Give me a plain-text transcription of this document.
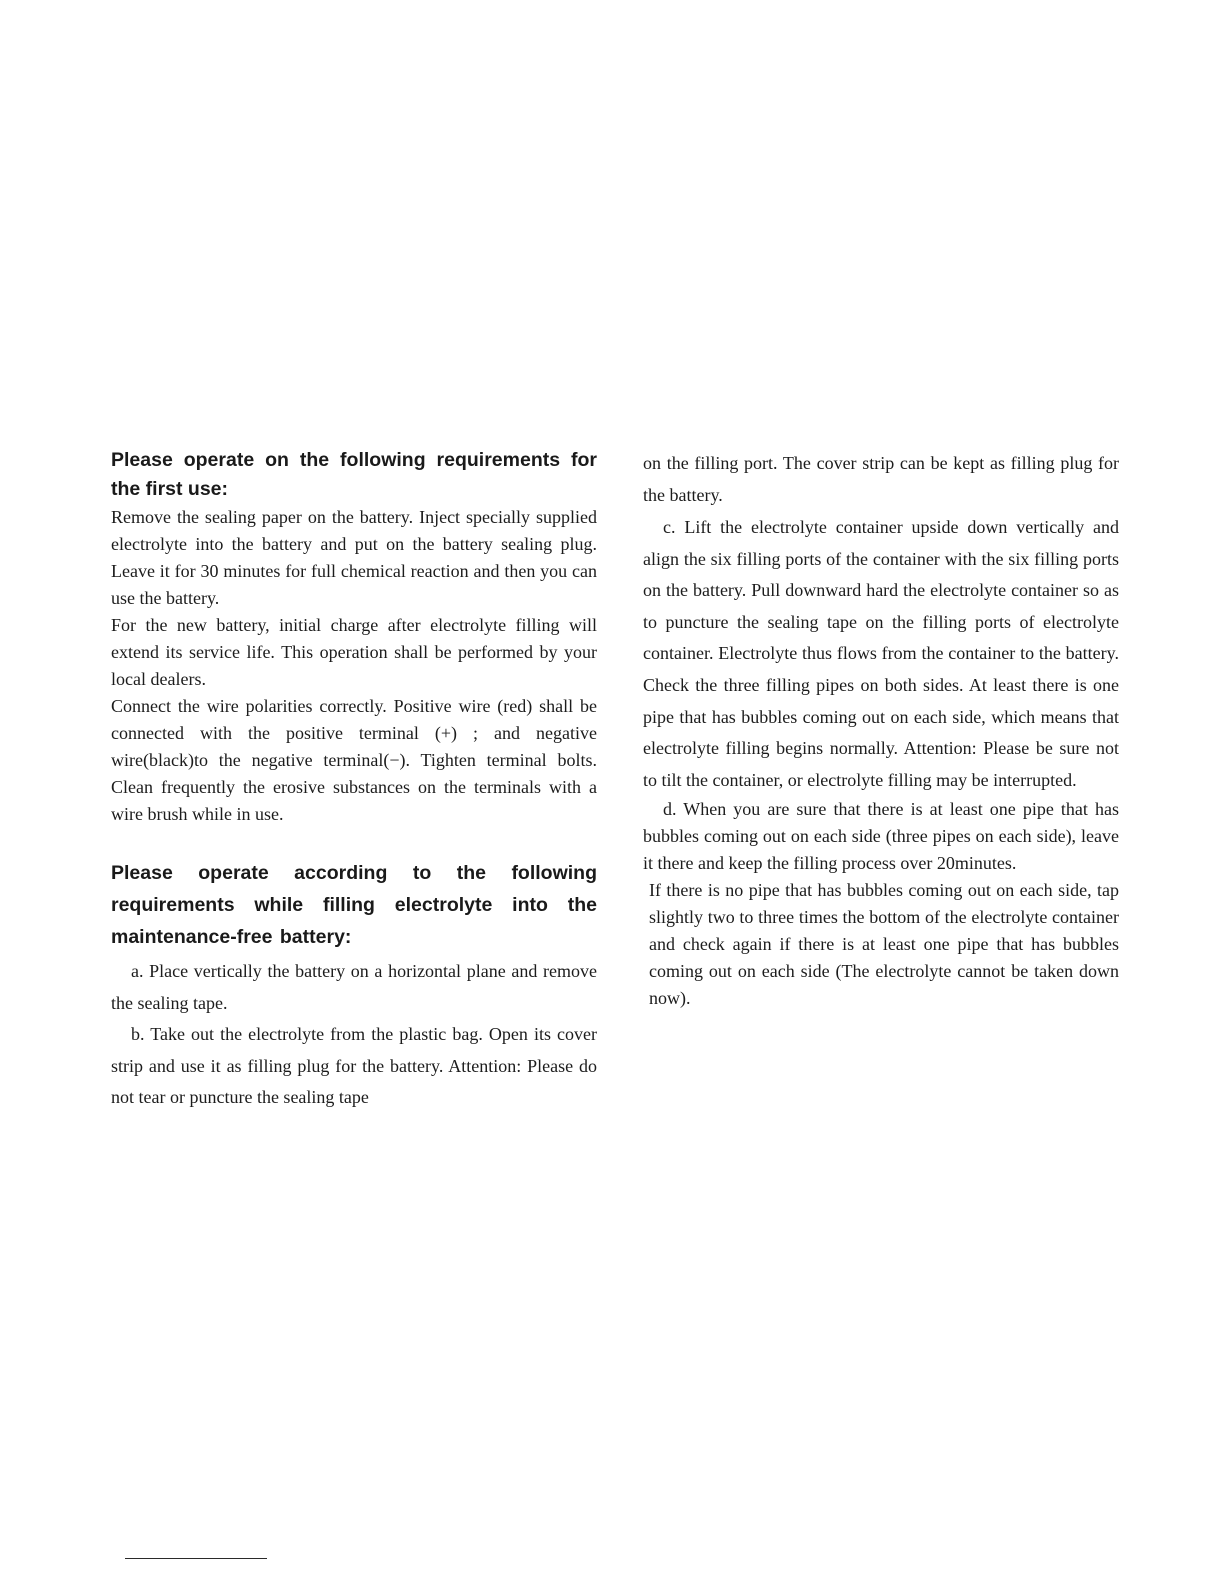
Please operate on the following requirements for the first use:

Remove the sealing paper on the battery. Inject specially supplied electrolyte into the battery and put on the battery sealing plug. Leave it for 30 minutes for full chemical reaction and then you can use the battery.

For the new battery, initial charge after electrolyte filling will extend its service life. This operation shall be performed by your local dealers.

Connect the wire polarities correctly. Positive wire (red) shall be connected with the positive terminal (+) ; and negative wire(black)to the negative terminal(−). Tighten terminal bolts. Clean frequently the erosive substances on the terminals with a wire brush while in use.

Please operate according to the following requirements while filling electrolyte into the maintenance-free battery:

a. Place vertically the battery on a horizontal plane and remove the sealing tape.

b. Take out the electrolyte from the plastic bag. Open its cover strip and use it as filling plug for the battery. Attention: Please do not tear or puncture the sealing tape

on the filling port. The cover strip can be kept as filling plug for the battery.

c. Lift the electrolyte container upside down vertically and align the six filling ports of the container with the six filling ports on the battery. Pull downward hard the electrolyte container so as to puncture the sealing tape on the filling ports of electrolyte container. Electrolyte thus flows from the container to the battery. Check the three filling pipes on both sides. At least there is one pipe that has bubbles coming out on each side, which means that electrolyte filling begins normally. Attention: Please be sure not to tilt the container, or electrolyte filling may be interrupted.

d. When you are sure that there is at least one pipe that has bubbles coming out on each side (three pipes on each side), leave it there and keep the filling process over 20minutes.

If there is no pipe that has bubbles coming out on each side, tap slightly two to three times the bottom of the electrolyte container and check again if there is at least one pipe that has bubbles coming out on each side (The electrolyte cannot be taken down now).
